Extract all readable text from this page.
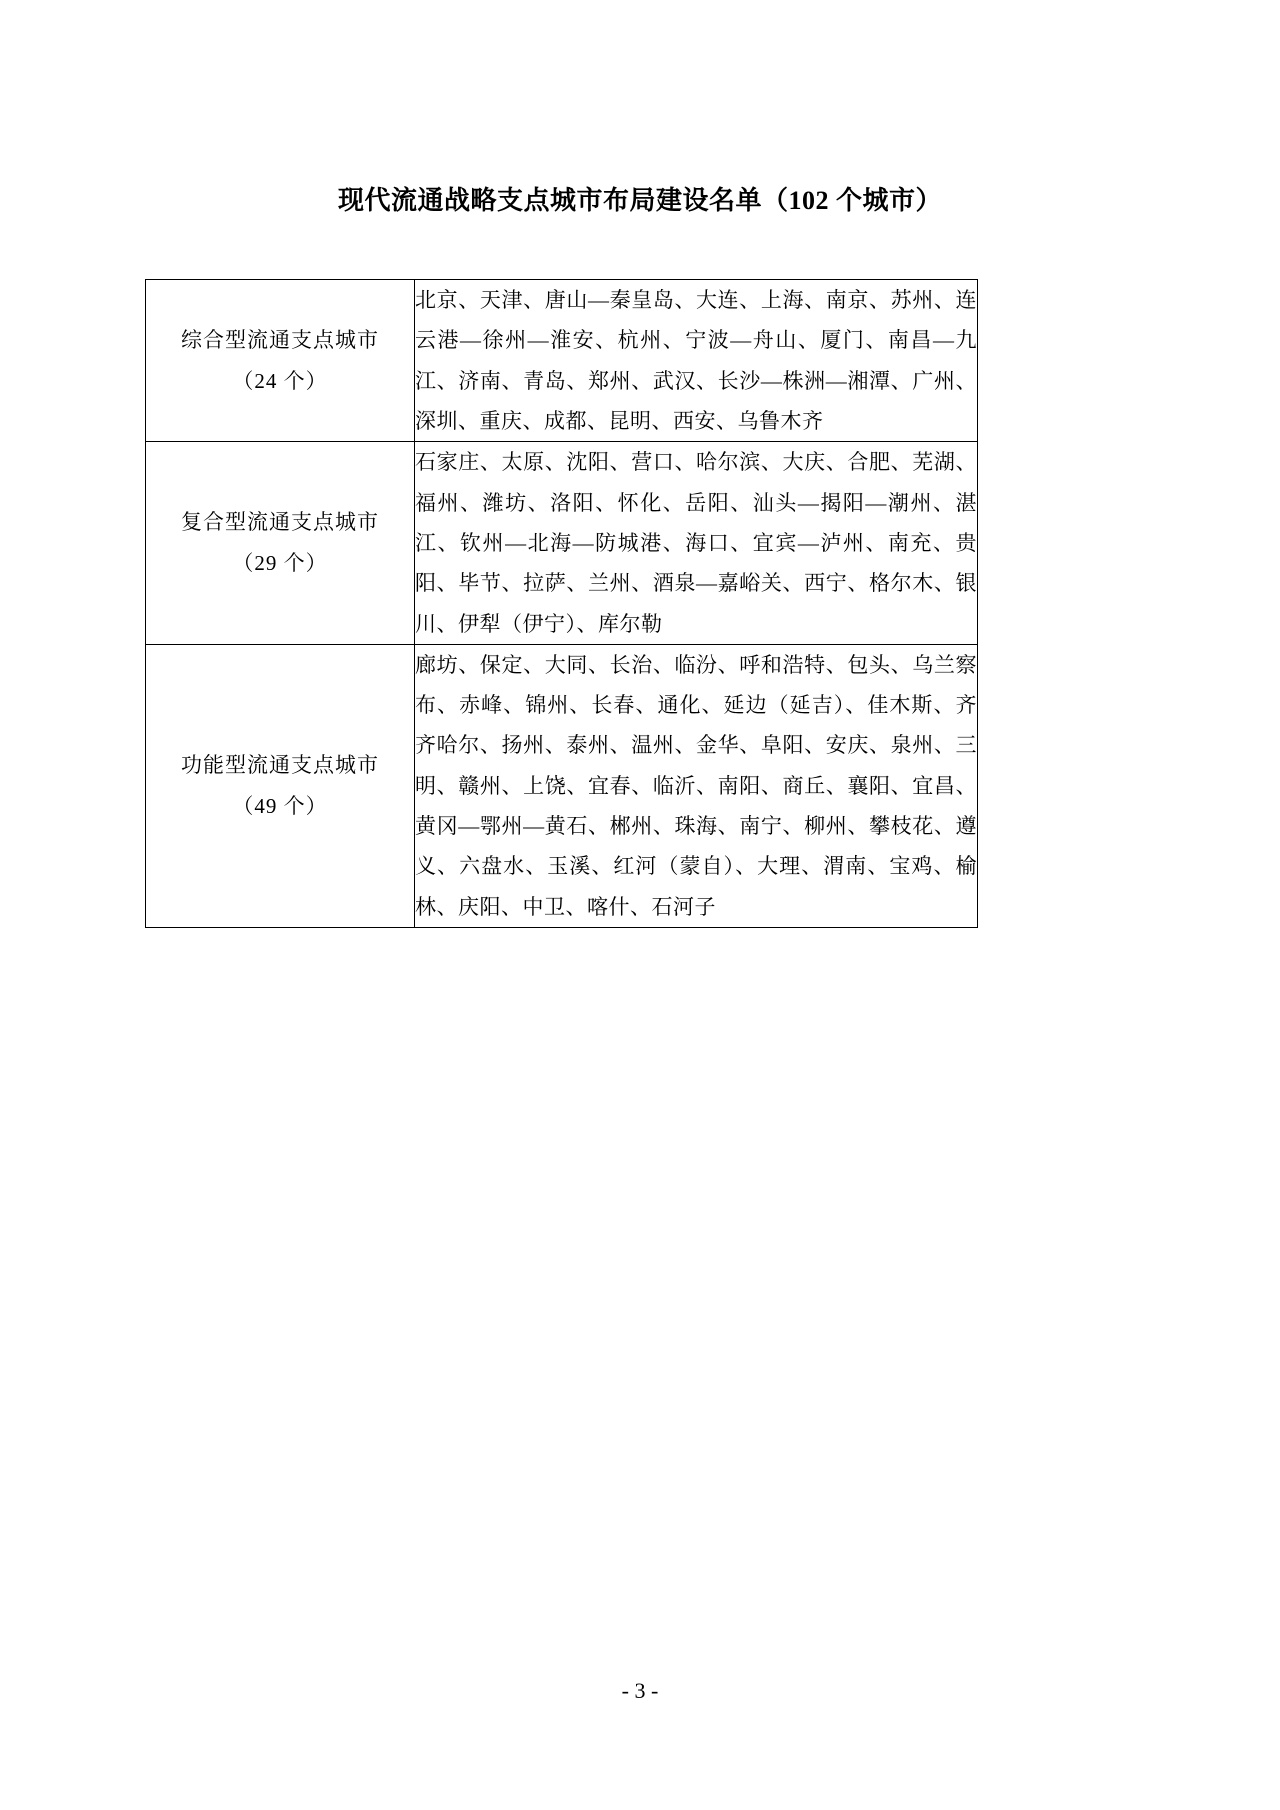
现代流通战略支点城市布局建设名单（102 个城市）
综合型流通支点城市
（24 个）	北京、天津、唐山—秦皇岛、大连、上海、南京、苏州、连云港—徐州—淮安、杭州、宁波—舟山、厦门、南昌—九江、济南、青岛、郑州、武汉、长沙—株洲—湘潭、广州、深圳、重庆、成都、昆明、西安、乌鲁木齐

复合型流通支点城市
（29 个）	石家庄、太原、沈阳、营口、哈尔滨、大庆、合肥、芜湖、福州、潍坊、洛阳、怀化、岳阳、汕头—揭阳—潮州、湛江、钦州—北海—防城港、海口、宜宾—泸州、南充、贵阳、毕节、拉萨、兰州、酒泉—嘉峪关、西宁、格尔木、银川、伊犁（伊宁）、库尔勒

功能型流通支点城市
（49 个）	廊坊、保定、大同、长治、临汾、呼和浩特、包头、乌兰察布、赤峰、锦州、长春、通化、延边（延吉）、佳木斯、齐齐哈尔、扬州、泰州、温州、金华、阜阳、安庆、泉州、三明、赣州、上饶、宜春、临沂、南阳、商丘、襄阳、宜昌、黄冈—鄂州—黄石、郴州、珠海、南宁、柳州、攀枝花、遵义、六盘水、玉溪、红河（蒙自）、大理、渭南、宝鸡、榆林、庆阳、中卫、喀什、石河子
- 3 -
